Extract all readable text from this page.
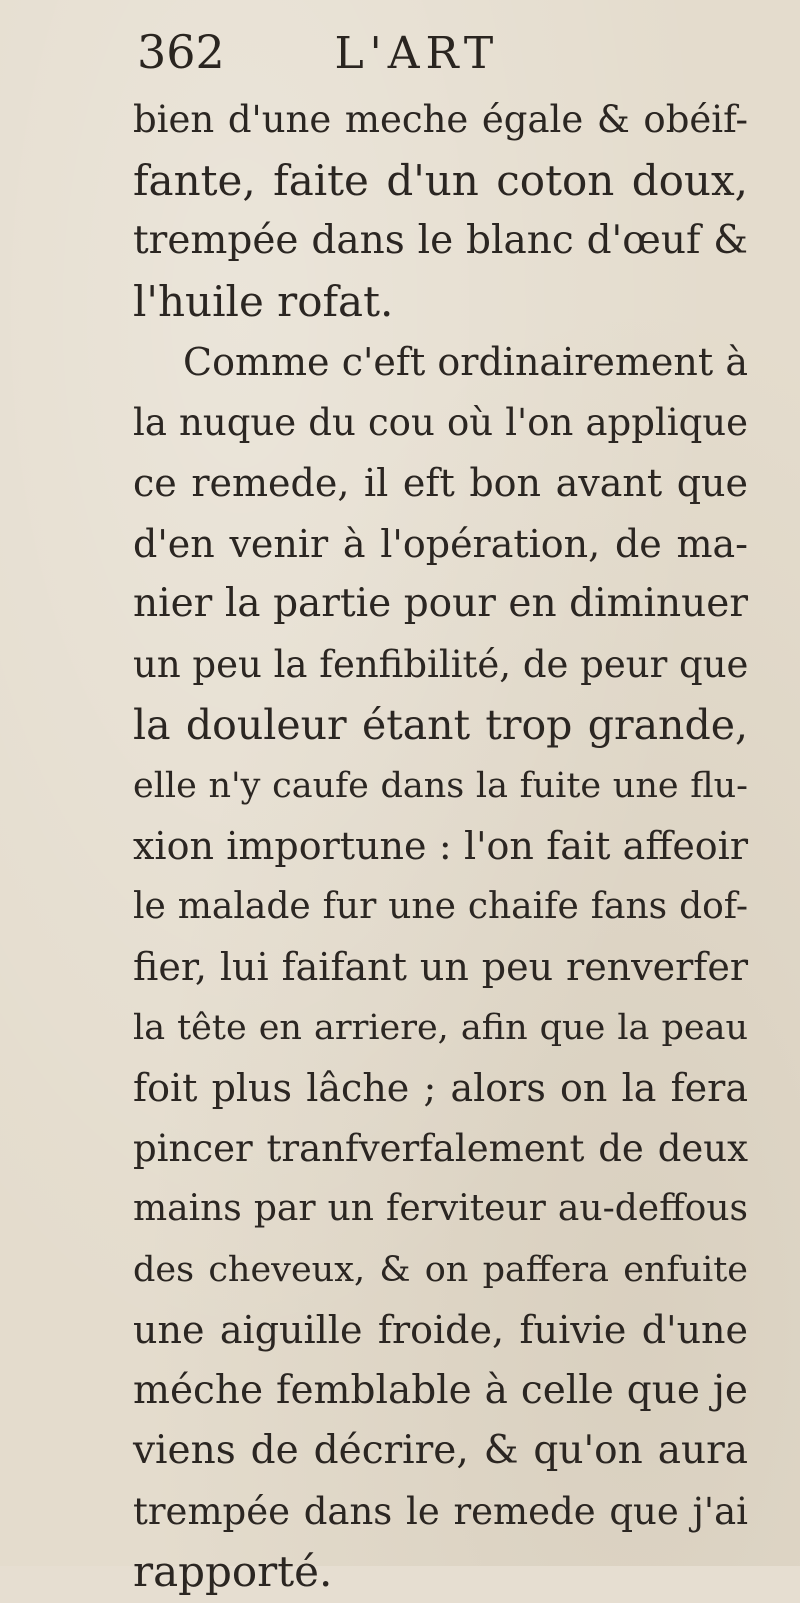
362 L'ART
bien d'une meche égale & obéif-
fante, faite d'un coton doux,
trempée dans le blanc d'œuf &
l'huile rofat.
Comme c'eft ordinairement à
la nuque du cou où l'on applique
ce remede, il eft bon avant que
d'en venir à l'opération, de ma-
nier la partie pour en diminuer
un peu la fenfibilité, de peur que
la douleur étant trop grande,
elle n'y caufe dans la fuite une flu-
xion importune : l'on fait affeoir
le malade fur une chaife fans dof-
fier, lui faifant un peu renverfer
la tête en arriere, afin que la peau
foit plus lâche ; alors on la fera
pincer tranfverfalement de deux
mains par un ferviteur au-deffous
des cheveux, & on paffera enfuite
une aiguille froide, fuivie d'une
méche femblable à celle que je
viens de décrire, & qu'on aura
trempée dans le remede que j'ai
rapporté.
